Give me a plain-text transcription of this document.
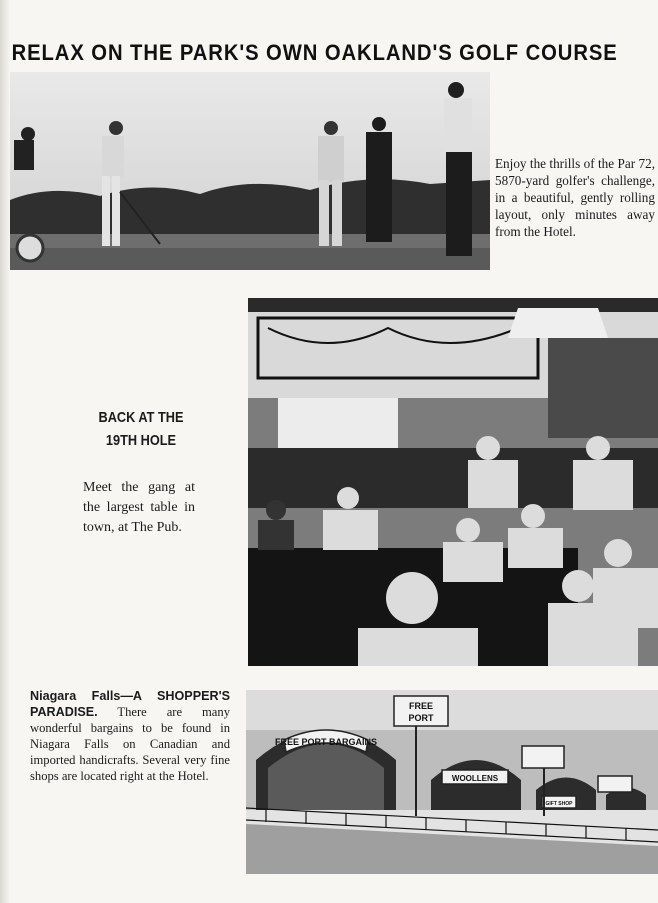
RELAX ON THE PARK'S OWN OAKLAND'S GOLF COURSE
Enjoy the thrills of the Par 72, 5870-yard golfer's challenge, in a beautiful, gently rolling layout, only minutes away from the Hotel.
BACK AT THE
19TH HOLE
Meet the gang at the largest table in town, at The Pub.
Niagara Falls—A SHOPPER'S PARADISE. There are many wonderful bargains to be found in Niagara Falls on Canadian and imported handicrafts. Several very fine shops are located right at the Hotel.
FREE PORT BARGAINS
FREE
PORT
WOOLLENS
GIFT SHOP
